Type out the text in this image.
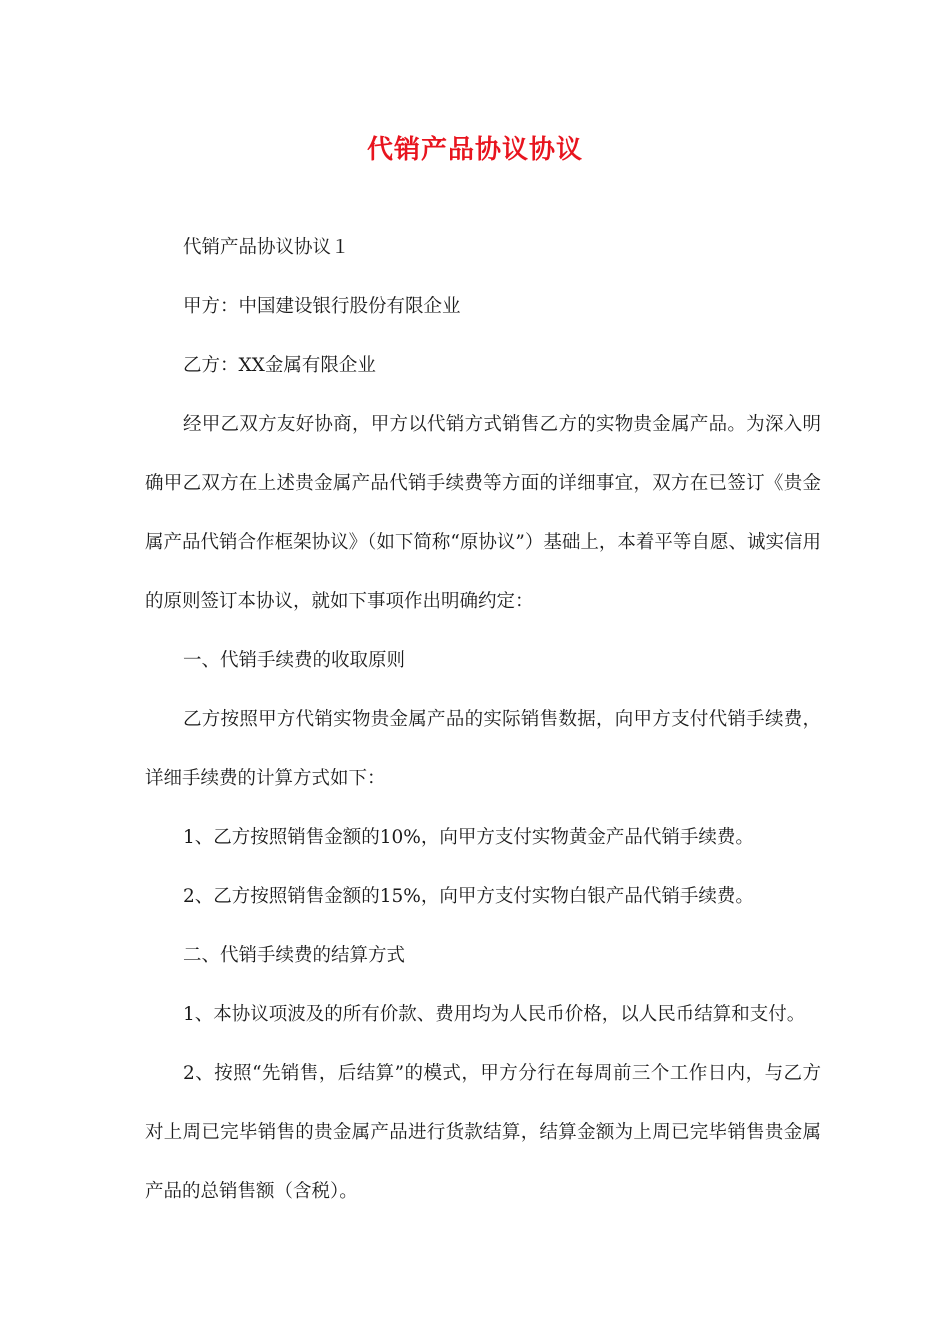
代销产品协议协议

代销产品协议协议１

甲方：中国建设银行股份有限企业

乙方：XX金属有限企业

经甲乙双方友好协商，甲方以代销方式销售乙方的实物贵金属产品。为深入明确甲乙双方在上述贵金属产品代销手续费等方面的详细事宜，双方在已签订《贵金属产品代销合作框架协议》（如下简称“原协议”）基础上，本着平等自愿、诚实信用的原则签订本协议，就如下事项作出明确约定：

一、代销手续费的收取原则

乙方按照甲方代销实物贵金属产品的实际销售数据，向甲方支付代销手续费，详细手续费的计算方式如下：

1、乙方按照销售金额的10%，向甲方支付实物黄金产品代销手续费。

2、乙方按照销售金额的15%，向甲方支付实物白银产品代销手续费。

二、代销手续费的结算方式

1、本协议项波及的所有价款、费用均为人民币价格，以人民币结算和支付。

2、按照“先销售，后结算”的模式，甲方分行在每周前三个工作日内，与乙方对上周已完毕销售的贵金属产品进行货款结算，结算金额为上周已完毕销售贵金属产品的总销售额（含税）。
